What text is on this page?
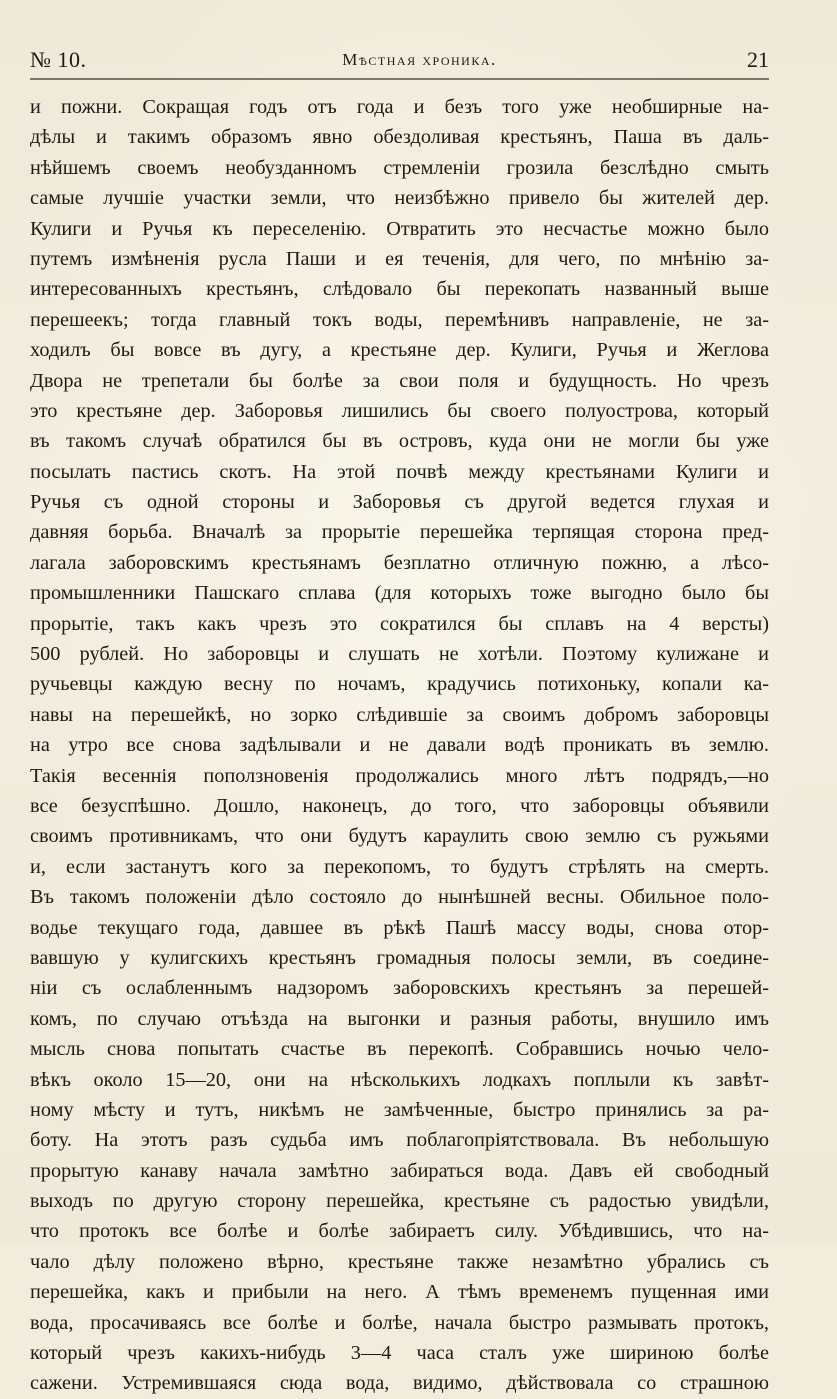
№ 10.	Мѣстная хроника.	21
и пожни. Сокращая годъ отъ года и безъ того уже необширные на-
дѣлы и такимъ образомъ явно обездоливая крестьянъ, Паша въ даль-
нѣйшемъ своемъ необузданномъ стремленіи грозила безслѣдно смыть
самые лучшіе участки земли, что неизбѣжно привело бы жителей дер.
Кулиги и Ручья къ переселенію. Отвратить это несчастье можно было
путемъ измѣненія русла Паши и ея теченія, для чего, по мнѣнію за-
интересованныхъ крестьянъ, слѣдовало бы перекопать названный выше
перешеекъ; тогда главный токъ воды, перемѣнивъ направленіе, не за-
ходилъ бы вовсе въ дугу, а крестьяне дер. Кулиги, Ручья и Жеглова
Двора не трепетали бы болѣе за свои поля и будущность. Но чрезъ
это крестьяне дер. Заборовья лишились бы своего полуострова, который
въ такомъ случаѣ обратился бы въ островъ, куда они не могли бы уже
посылать пастись скотъ. На этой почвѣ между крестьянами Кулиги и
Ручья съ одной стороны и Заборовья съ другой ведется глухая и
давняя борьба. Вначалѣ за прорытіе перешейка терпящая сторона пред-
лагала заборовскимъ крестьянамъ безплатно отличную пожню, а лѣсо-
промышленники Пашскаго сплава (для которыхъ тоже выгодно было бы
прорытіе, такъ какъ чрезъ это сократился бы сплавъ на 4 версты)
500 рублей. Но заборовцы и слушать не хотѣли. Поэтому кулижане и
ручьевцы каждую весну по ночамъ, крадучись потихоньку, копали ка-
навы на перешейкѣ, но зорко слѣдившіе за своимъ добромъ заборовцы
на утро все снова задѣлывали и не давали водѣ проникать въ землю.
Такія весеннія поползновенія продолжались много лѣтъ подрядъ,—но
все безуспѣшно. Дошло, наконецъ, до того, что заборовцы объявили
своимъ противникамъ, что они будутъ караулить свою землю съ ружьями
и, если застанутъ кого за перекопомъ, то будутъ стрѣлять на смерть.
Въ такомъ положеніи дѣло состояло до нынѣшней весны. Обильное поло-
водье текущаго года, давшее въ рѣкѣ Пашѣ массу воды, снова отор-
вавшую у кулигскихъ крестьянъ громадныя полосы земли, въ соедине-
ніи съ ослабленнымъ надзоромъ заборовскихъ крестьянъ за перешей-
комъ, по случаю отъѣзда на выгонки и разныя работы, внушило имъ
мысль снова попытать счастье въ перекопѣ. Собравшись ночью чело-
вѣкъ около 15—20, они на нѣсколькихъ лодкахъ поплыли къ завѣт-
ному мѣсту и тутъ, никѣмъ не замѣченные, быстро принялись за ра-
боту. На этотъ разъ судьба имъ поблагопріятствовала. Въ небольшую
прорытую канаву начала замѣтно забираться вода. Давъ ей свободный
выходъ по другую сторону перешейка, крестьяне съ радостью увидѣли,
что протокъ все болѣе и болѣе забираетъ силу. Убѣдившись, что на-
чало дѣлу положено вѣрно, крестьяне также незамѣтно убрались съ
перешейка, какъ и прибыли на него. А тѣмъ временемъ пущенная ими
вода, просачиваясь все болѣе и болѣе, начала быстро размывать протокъ,
который чрезъ какихъ-нибудь 3—4 часа сталъ уже шириною болѣе
сажени. Устремившаяся сюда вода, видимо, дѣйствовала со страшною
